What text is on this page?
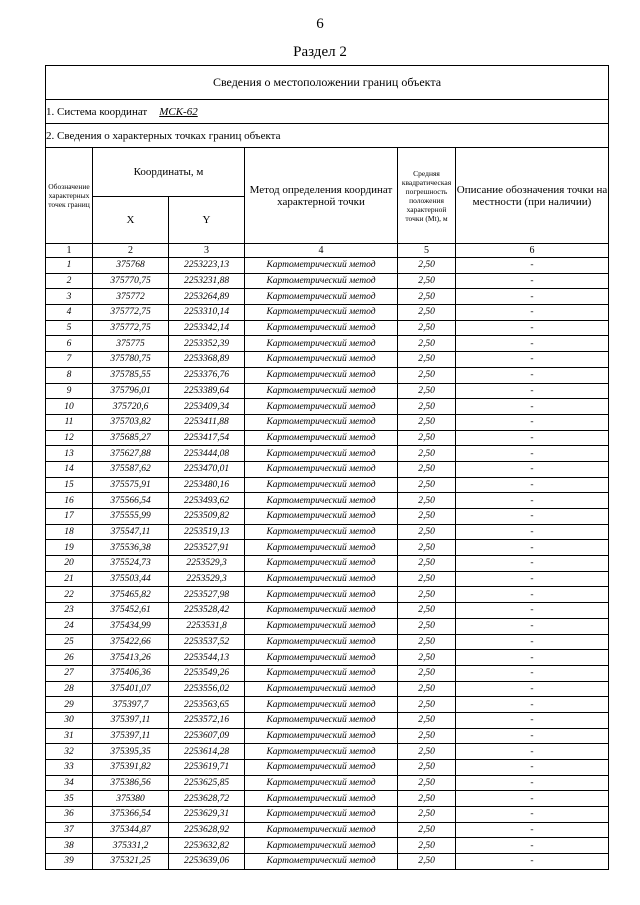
6
Раздел 2
Сведения о местоположении границ объекта					
1. Система координат МСК-62					
2. Сведения о характерных точках границ объекта					
Обозначение характерных точек границ	Координаты, м		Метод определения координат характерной точки	Средняя квадратическая погрешность положения характерной точки (Mt), м	Описание обозначения точки на местности (при наличии)
	X	Y			
1	2	3	4	5	6
1	375768	2253223,13	Картометрический метод	2,50	-
2	375770,75	2253231,88	Картометрический метод	2,50	-
3	375772	2253264,89	Картометрический метод	2,50	-
4	375772,75	2253310,14	Картометрический метод	2,50	-
5	375772,75	2253342,14	Картометрический метод	2,50	-
6	375775	2253352,39	Картометрический метод	2,50	-
7	375780,75	2253368,89	Картометрический метод	2,50	-
8	375785,55	2253376,76	Картометрический метод	2,50	-
9	375796,01	2253389,64	Картометрический метод	2,50	-
10	375720,6	2253409,34	Картометрический метод	2,50	-
11	375703,82	2253411,88	Картометрический метод	2,50	-
12	375685,27	2253417,54	Картометрический метод	2,50	-
13	375627,88	2253444,08	Картометрический метод	2,50	-
14	375587,62	2253470,01	Картометрический метод	2,50	-
15	375575,91	2253480,16	Картометрический метод	2,50	-
16	375566,54	2253493,62	Картометрический метод	2,50	-
17	375555,99	2253509,82	Картометрический метод	2,50	-
18	375547,11	2253519,13	Картометрический метод	2,50	-
19	375536,38	2253527,91	Картометрический метод	2,50	-
20	375524,73	2253529,3	Картометрический метод	2,50	-
21	375503,44	2253529,3	Картометрический метод	2,50	-
22	375465,82	2253527,98	Картометрический метод	2,50	-
23	375452,61	2253528,42	Картометрический метод	2,50	-
24	375434,99	2253531,8	Картометрический метод	2,50	-
25	375422,66	2253537,52	Картометрический метод	2,50	-
26	375413,26	2253544,13	Картометрический метод	2,50	-
27	375406,36	2253549,26	Картометрический метод	2,50	-
28	375401,07	2253556,02	Картометрический метод	2,50	-
29	375397,7	2253563,65	Картометрический метод	2,50	-
30	375397,11	2253572,16	Картометрический метод	2,50	-
31	375397,11	2253607,09	Картометрический метод	2,50	-
32	375395,35	2253614,28	Картометрический метод	2,50	-
33	375391,82	2253619,71	Картометрический метод	2,50	-
34	375386,56	2253625,85	Картометрический метод	2,50	-
35	375380	2253628,72	Картометрический метод	2,50	-
36	375366,54	2253629,31	Картометрический метод	2,50	-
37	375344,87	2253628,92	Картометрический метод	2,50	-
38	375331,2	2253632,82	Картометрический метод	2,50	-
39	375321,25	2253639,06	Картометрический метод	2,50	-
